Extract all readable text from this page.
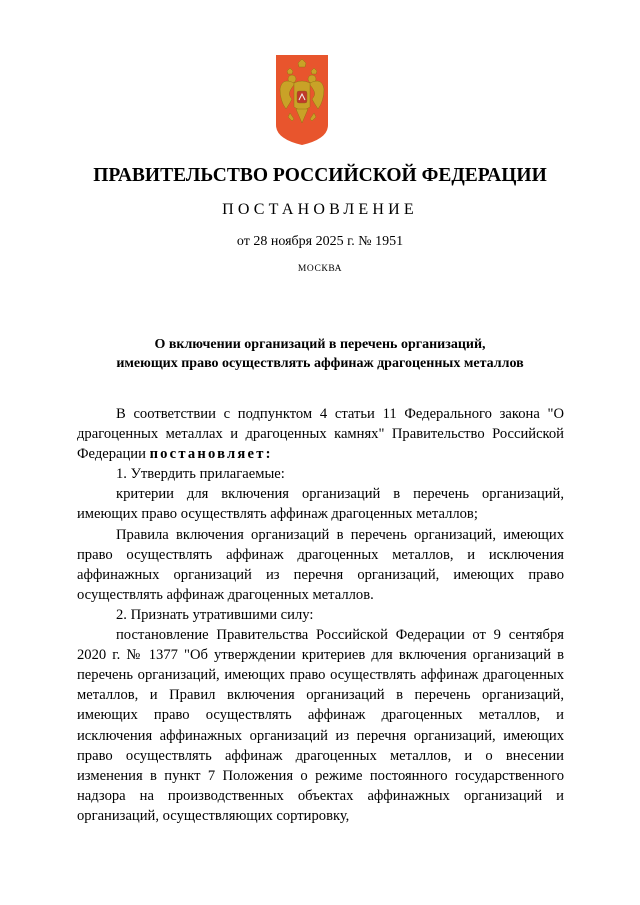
ПРАВИТЕЛЬСТВО РОССИЙСКОЙ ФЕДЕРАЦИИ
ПОСТАНОВЛЕНИЕ
от 28 ноября 2025 г. № 1951
МОСКВА
О включении организаций в перечень организаций,
имеющих право осуществлять аффинаж драгоценных металлов

В соответствии с подпунктом 4 статьи 11 Федерального закона "О драгоценных металлах и драгоценных камнях" Правительство Российской Федерации постановляет:

1. Утвердить прилагаемые:

критерии для включения организаций в перечень организаций, имеющих право осуществлять аффинаж драгоценных металлов;

Правила включения организаций в перечень организаций, имеющих право осуществлять аффинаж драгоценных металлов, и исключения аффинажных организаций из перечня организаций, имеющих право осуществлять аффинаж драгоценных металлов.

2. Признать утратившими силу:

постановление Правительства Российской Федерации от 9 сентября 2020 г. № 1377 "Об утверждении критериев для включения организаций в перечень организаций, имеющих право осуществлять аффинаж драгоценных металлов, и Правил включения организаций в перечень организаций, имеющих право осуществлять аффинаж драгоценных металлов, и исключения аффинажных организаций из перечня организаций, имеющих право осуществлять аффинаж драгоценных металлов, и о внесении изменения в пункт 7 Положения о режиме постоянного государственного надзора на производственных объектах аффинажных организаций и организаций, осуществляющих сортировку,
